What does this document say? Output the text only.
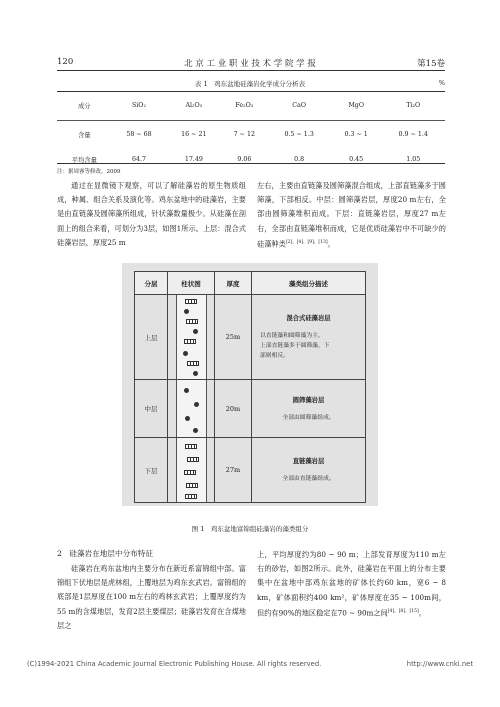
120	北 京 工 业 职 业 技 术 学 院 学 报	第15卷
表 1　鸡东盆地硅藻岩化学成分分析表	%
成分	SiO₂	Al₂O₃	Fe₂O₃	CaO	MgO	Ti₂O

含量	58 ~ 68	16 ~ 21	7 ~ 12	0.5 ~ 1.3	0.3 ~ 1	0.9 ~ 1.4
平均含量	64.7	17.49	9.06	0.8	0.45	1.05
注：据周睿等修改，2009

通过在显微镜下观察，可以了解硅藻岩的原生物质组成，种属、组合关系及演化等。鸡东盆地中的硅藻岩，主要是由直链藻及圆筛藻所组成，针状藻数量极少。从硅藻在剖面上的组合来看，可划分为3层，如图1所示。上层：混合式硅藻岩层，厚度25 m

左右，主要由直链藻及圆筛藻混合组成，上部直链藻多于圆筛藻，下部相反。中层：圆筛藻岩层，厚度20 m左右，全部由圆筛藻堆积而成。下层：直链藻岩层，厚度27 m左右，全部由直链藻堆积而成，它是优质硅藻岩中不可缺少的硅藻种类[2]、[4]、[9]、[13]。

分层	柱状图	厚度	藻类组分描述
上层		25m	混合式硅藻岩层
以直链藻和圆筛藻为主，
上部直链藻多于圆筛藻，下
部则相反。

中层		20m	圆筛藻岩层
全部由圆筛藻组成。

下层		27m	直链藻岩层
全部由直链藻组成。
图 1　鸡东盆地富锦组硅藻岩的藻类组分
2　硅藻岩在地层中分布特征

硅藻岩在鸡东盆地内主要分布在新近系富锦组中部。富锦组下伏地层是虎林组，上覆地层为鸡东玄武岩。富锦组的底部是1层厚度在100 m左右的鸡林玄武岩；上覆厚度约为55 m的含煤地层，发育2层主要煤层；硅藻岩发育在含煤地层之

上，平均厚度约为80 ~ 90 m；上部发育厚度为110 m左右的砂岩，如图2所示。此外，硅藻岩在平面上的分布主要集中在盆地中部鸡东盆地的矿体长约60 km，宽6 ~ 8 km，矿体面积约400 km²，矿体厚度在35 ~ 100m间，但约有90%的地区稳定在70 ~ 90m之间[4]、[8]、[15]。

(C)1994-2021 China Academic Journal Electronic Publishing House. All rights reserved.	http://www.cnki.net
